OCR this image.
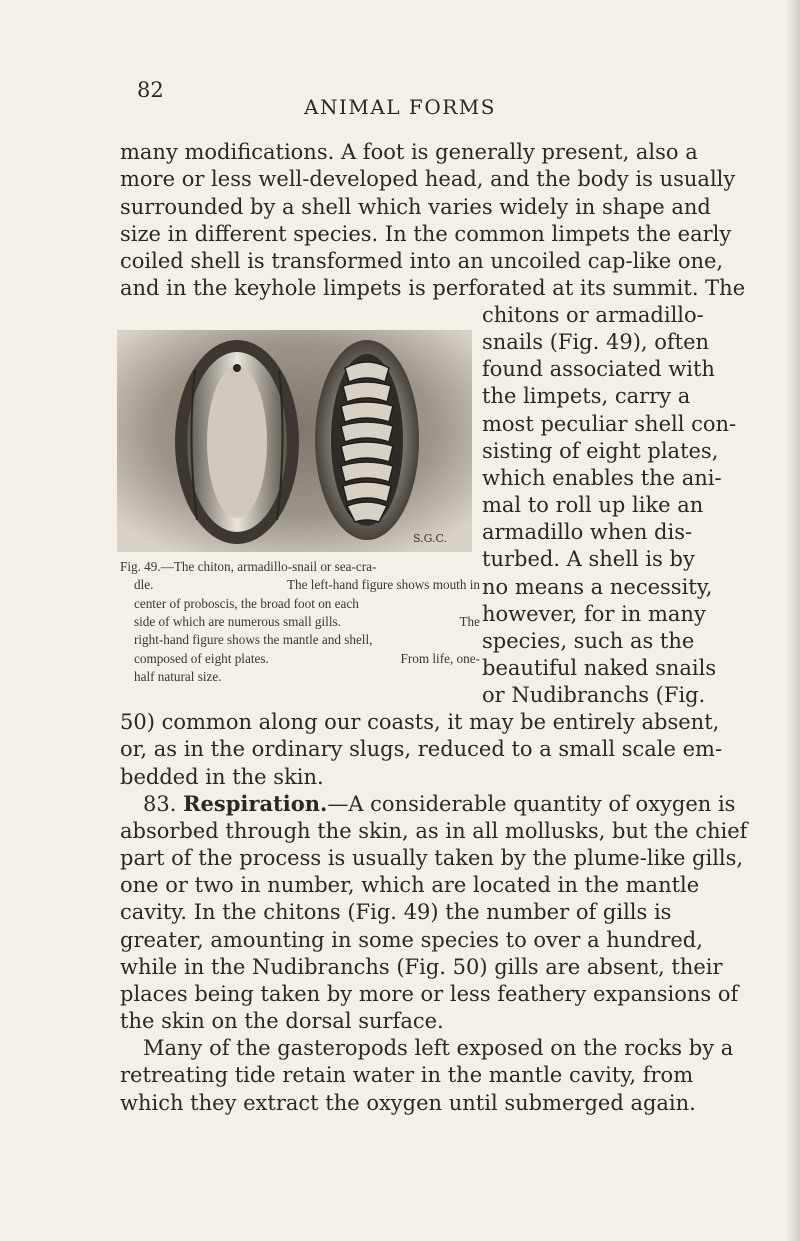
82
ANIMAL FORMS
many modifications. A foot is generally present, also a
more or less well-developed head, and the body is usually
surrounded by a shell which varies widely in shape and
size in different species. In the common limpets the early
coiled shell is transformed into an uncoiled cap-like one,
and in the keyhole limpets is perforated at its summit. The
chitons or armadillo-
snails (Fig. 49), often
found associated with
the limpets, carry a
most peculiar shell con-
sisting of eight plates,
which enables the ani-
mal to roll up like an
armadillo when dis-
turbed. A shell is by
no means a necessity,
however, for in many
species, such as the
beautiful naked snails
or Nudibranchs (Fig.
S.G.C.
Fig. 49.—The chiton, armadillo-snail or sea-cra-
dle.	The left-hand figure shows mouth in
center of proboscis, the broad foot on each
side of which are numerous small gills.	The
right-hand figure shows the mantle and shell,
composed of eight plates.	From life, one-
half natural size.
50) common along our coasts, it may be entirely absent,
or, as in the ordinary slugs, reduced to a small scale em-
bedded in the skin.
83. Respiration.—A considerable quantity of oxygen is
absorbed through the skin, as in all mollusks, but the chief
part of the process is usually taken by the plume-like gills,
one or two in number, which are located in the mantle
cavity. In the chitons (Fig. 49) the number of gills is
greater, amounting in some species to over a hundred,
while in the Nudibranchs (Fig. 50) gills are absent, their
places being taken by more or less feathery expansions of
the skin on the dorsal surface.
Many of the gasteropods left exposed on the rocks by a
retreating tide retain water in the mantle cavity, from
which they extract the oxygen until submerged again.
